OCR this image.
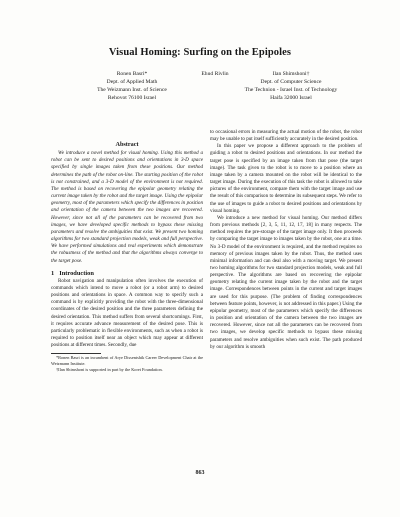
Visual Homing: Surfing on the Epipoles
Ronen Basri*
Dept. of Applied Math
The Weizmann Inst. of Science
Rehovot 76100 Israel
Ehud Rivlin	Ilan Shimshoni†
Dept. of Computer Science
The Technion - Israel Inst. of Technology
Haifa 32000 Israel
Abstract
We introduce a novel method for visual homing. Using this method a robot can be sent to desired positions and orientations in 3-D space specified by single images taken from these positions. Our method determines the path of the robot on-line. The starting position of the robot is not constrained, and a 3-D model of the environment is not required. The method is based on recovering the epipolar geometry relating the current image taken by the robot and the target image. Using the epipolar geometry, most of the parameters which specify the differences in position and orientation of the camera between the two images are recovered. However, since not all of the parameters can be recovered from two images, we have developed specific methods to bypass these missing parameters and resolve the ambiguities that exist. We present two homing algorithms for two standard projection models, weak and full perspective. We have performed simulations and real experiments which demonstrate the robustness of the method and that the algorithms always converge to the target pose.
1 Introduction
Robot navigation and manipulation often involves the execution of commands which intend to move a robot (or a robot arm) to desired positions and orientations in space. A common way to specify such a command is by explicitly providing the robot with the three-dimensional coordinates of the desired position and the three parameters defining the desired orientation. This method suffers from several shortcomings. First, it requires accurate advance measurement of the desired pose. This is particularly problematic in flexible environments, such as when a robot is required to position itself near an object which may appear at different positions at different times. Secondly, due
*Ronen Basri is an incumbent of Arye Dissentshik Career Development Chair at the Weizmann Institute.
†Ilan Shimshoni is supported in part by the Koret Foundation.
to occasional errors in measuring the actual motion of the robot, the robot may be unable to put itself sufficiently accurately in the desired position.
In this paper we propose a different approach to the problem of guiding a robot to desired positions and orientations. In our method the target pose is specified by an image taken from that pose (the target image). The task given to the robot is to move to a position where an image taken by a camera mounted on the robot will be identical to the target image. During the execution of this task the robot is allowed to take pictures of the environment, compare them with the target image and use the result of this comparison to determine its subsequent steps. We refer to the use of images to guide a robot to desired positions and orientations by visual homing.
We introduce a new method for visual homing. Our method differs from previous methods [2, 3, 5, 11, 12, 17, 18] in many respects. The method requires the pre-storage of the target image only. It then proceeds by comparing the target image to images taken by the robot, one at a time. No 3-D model of the environment is required, and the method requires no memory of previous images taken by the robot. Thus, the method uses minimal information and can deal also with a moving target. We present two homing algorithms for two standard projection models, weak and full perspective. The algorithms are based on recovering the epipolar geometry relating the current image taken by the robot and the target image. Correspondences between points in the current and target images are used for this purpose. (The problem of finding correspondences between feature points, however, is not addressed in this paper.) Using the epipolar geometry, most of the parameters which specify the differences in position and orientation of the camera between the two images are recovered. However, since not all the parameters can be recovered from two images, we develop specific methods to bypass these missing parameters and resolve ambiguities when such exist. The path produced by our algorithm is smooth
863
